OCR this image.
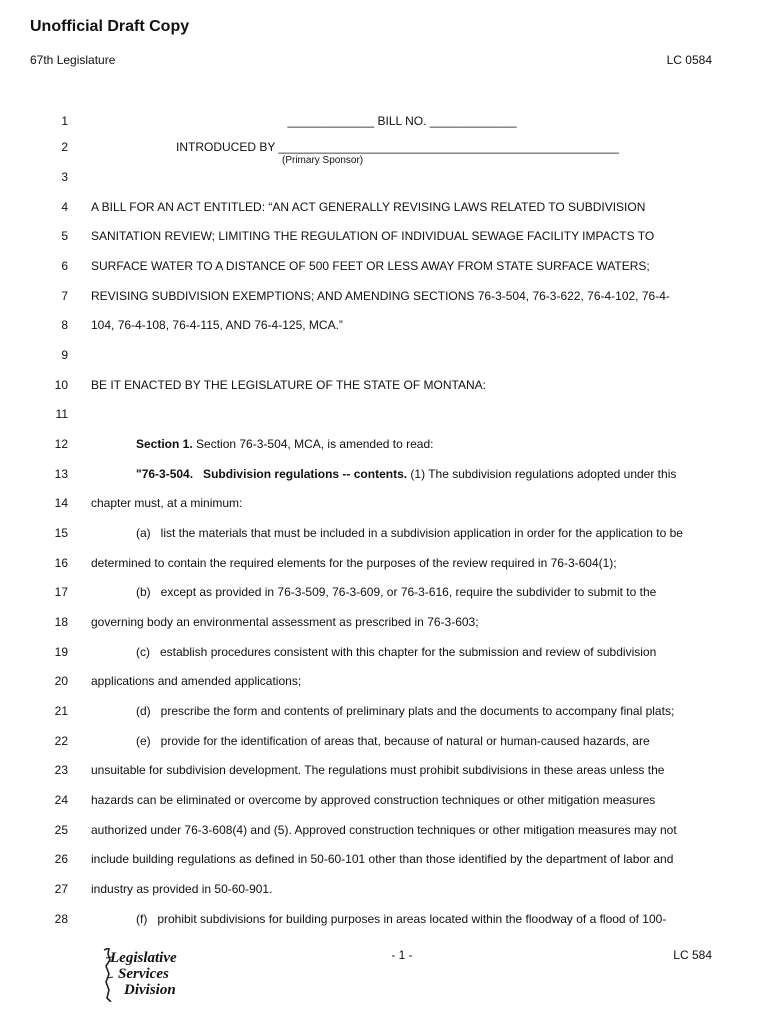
Unofficial Draft Copy
67th Legislature	LC 0584
1	_____________ BILL NO. _____________
2	INTRODUCED BY ___________________________________________________
(Primary Sponsor)
3
4 A BILL FOR AN ACT ENTITLED: “AN ACT GENERALLY REVISING LAWS RELATED TO SUBDIVISION
5 SANITATION REVIEW; LIMITING THE REGULATION OF INDIVIDUAL SEWAGE FACILITY IMPACTS TO
6 SURFACE WATER TO A DISTANCE OF 500 FEET OR LESS AWAY FROM STATE SURFACE WATERS;
7 REVISING SUBDIVISION EXEMPTIONS; AND AMENDING SECTIONS 76-3-504, 76-3-622, 76-4-102, 76-4-
8 104, 76-4-108, 76-4-115, AND 76-4-125, MCA.”
9
10 BE IT ENACTED BY THE LEGISLATURE OF THE STATE OF MONTANA:
11
12	Section 1. Section 76-3-504, MCA, is amended to read:
13	"76-3-504.   Subdivision regulations -- contents. (1) The subdivision regulations adopted under this
14 chapter must, at a minimum:
15	(a)   list the materials that must be included in a subdivision application in order for the application to be
16 determined to contain the required elements for the purposes of the review required in 76-3-604(1);
17	(b)   except as provided in 76-3-509, 76-3-609, or 76-3-616, require the subdivider to submit to the
18 governing body an environmental assessment as prescribed in 76-3-603;
19	(c)   establish procedures consistent with this chapter for the submission and review of subdivision
20 applications and amended applications;
21	(d)   prescribe the form and contents of preliminary plats and the documents to accompany final plats;
22	(e)   provide for the identification of areas that, because of natural or human-caused hazards, are
23 unsuitable for subdivision development. The regulations must prohibit subdivisions in these areas unless the
24 hazards can be eliminated or overcome by approved construction techniques or other mitigation measures
25 authorized under 76-3-608(4) and (5). Approved construction techniques or other mitigation measures may not
26 include building regulations as defined in 50-60-101 other than those identified by the department of labor and
27 industry as provided in 50-60-901.
28	(f)   prohibit subdivisions for building purposes in areas located within the floodway of a flood of 100-
Legislative
Services
Division
- 1 -	LC 584
